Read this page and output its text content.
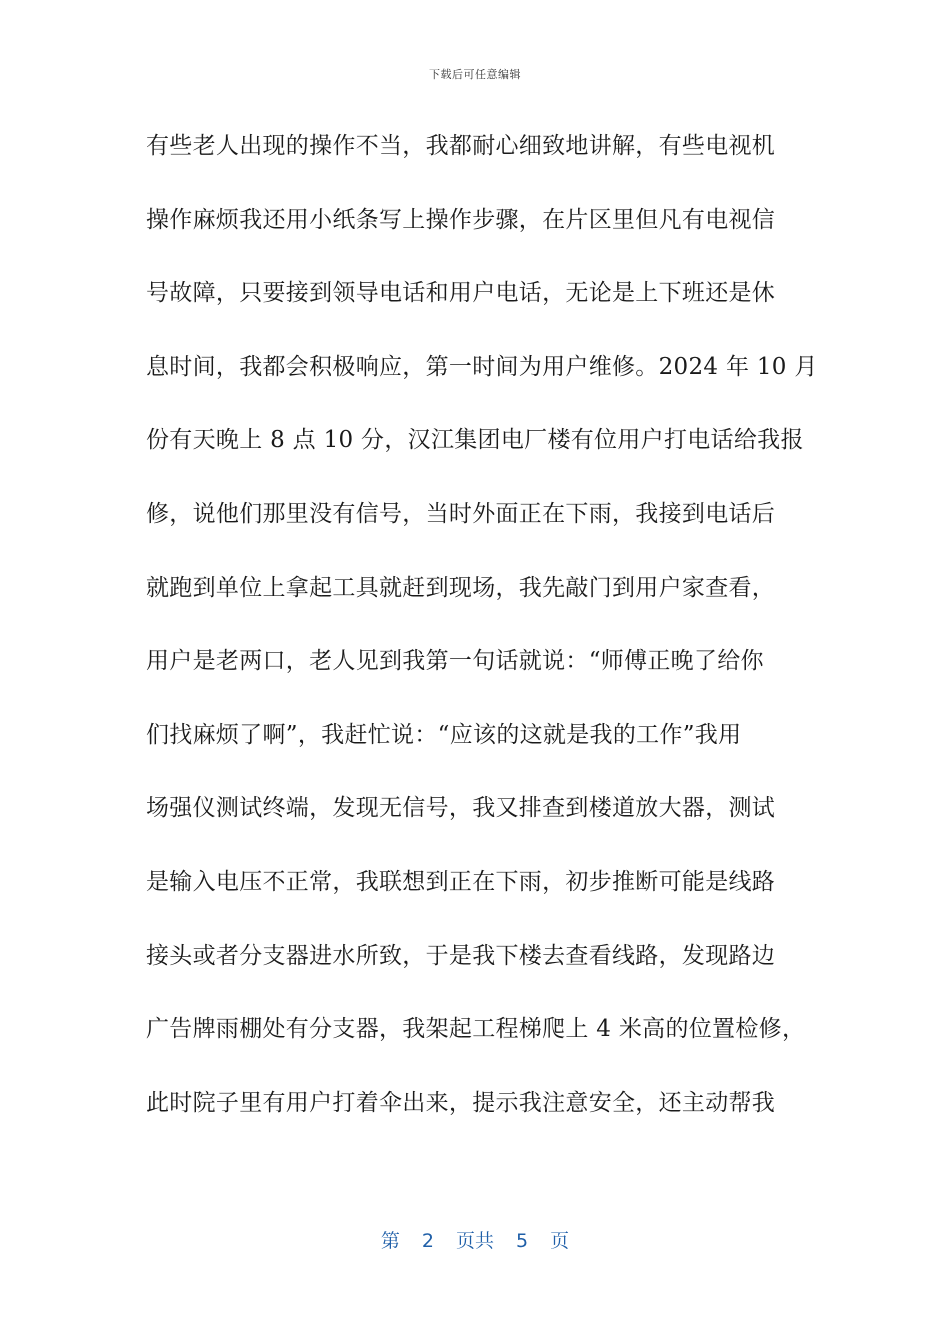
下载后可任意编辑
有些老人出现的操作不当，我都耐心细致地讲解，有些电视机
操作麻烦我还用小纸条写上操作步骤，在片区里但凡有电视信
号故障，只要接到领导电话和用户电话，无论是上下班还是休
息时间，我都会积极响应，第一时间为用户维修。2024 年 10 月
份有天晚上 8 点 10 分，汉江集团电厂楼有位用户打电话给我报
修，说他们那里没有信号，当时外面正在下雨，我接到电话后
就跑到单位上拿起工具就赶到现场，我先敲门到用户家查看，
用户是老两口，老人见到我第一句话就说：“师傅正晚了给你
们找麻烦了啊”，我赶忙说：“应该的这就是我的工作”我用
场强仪测试终端，发现无信号，我又排查到楼道放大器，测试
是输入电压不正常，我联想到正在下雨，初步推断可能是线路
接头或者分支器进水所致，于是我下楼去查看线路，发现路边
广告牌雨棚处有分支器，我架起工程梯爬上 4 米高的位置检修，
此时院子里有用户打着伞出来，提示我注意安全，还主动帮我
第 2 页共 5 页
